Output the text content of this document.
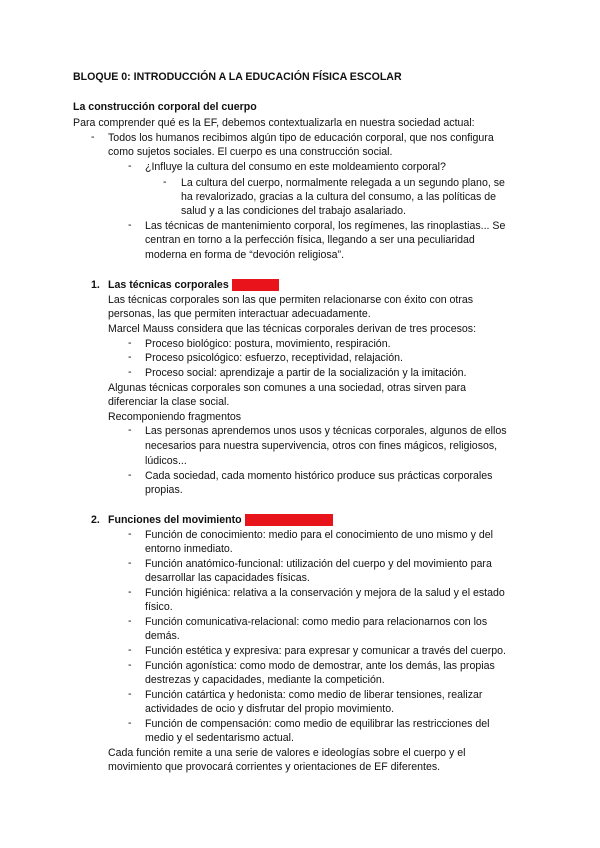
BLOQUE 0: INTRODUCCIÓN A LA EDUCACIÓN FÍSICA ESCOLAR
La construcción corporal del cuerpo
Para comprender qué es la EF, debemos contextualizarla en nuestra sociedad actual:
- Todos los humanos recibimos algún tipo de educación corporal, que nos configura
como sujetos sociales. El cuerpo es una construcción social.
- ¿Influye la cultura del consumo en este moldeamiento corporal?
- La cultura del cuerpo, normalmente relegada a un segundo plano, se
ha revalorizado, gracias a la cultura del consumo, a las políticas de
salud y a las condiciones del trabajo asalariado.
- Las técnicas de mantenimiento corporal, los regímenes, las rinoplastias... Se
centran en torno a la perfección física, llegando a ser una peculiaridad
moderna en forma de “devoción religiosa”.
1. Las técnicas corporales EXAMEN
Las técnicas corporales son las que permiten relacionarse con éxito con otras
personas, las que permiten interactuar adecuadamente.
Marcel Mauss considera que las técnicas corporales derivan de tres procesos:
- Proceso biológico: postura, movimiento, respiración.
- Proceso psicológico: esfuerzo, receptividad, relajación.
- Proceso social: aprendizaje a partir de la socialización y la imitación.
Algunas técnicas corporales son comunes a una sociedad, otras sirven para
diferenciar la clase social.
Recomponiendo fragmentos
- Las personas aprendemos unos usos y técnicas corporales, algunos de ellos
necesarios para nuestra supervivencia, otros con fines mágicos, religiosos,
lúdicos...
- Cada sociedad, cada momento histórico produce sus prácticas corporales
propias.
2. Funciones del movimiento EXAMEN HECHO
- Función de conocimiento: medio para el conocimiento de uno mismo y del
entorno inmediato.
- Función anatómico-funcional: utilización del cuerpo y del movimiento para
desarrollar las capacidades físicas.
- Función higiénica: relativa a la conservación y mejora de la salud y el estado
físico.
- Función comunicativa-relacional: como medio para relacionarnos con los
demás.
- Función estética y expresiva: para expresar y comunicar a través del cuerpo.
- Función agonística: como modo de demostrar, ante los demás, las propias
destrezas y capacidades, mediante la competición.
- Función catártica y hedonista: como medio de liberar tensiones, realizar
actividades de ocio y disfrutar del propio movimiento.
- Función de compensación: como medio de equilibrar las restricciones del
medio y el sedentarismo actual.
Cada función remite a una serie de valores e ideologías sobre el cuerpo y el
movimiento que provocará corrientes y orientaciones de EF diferentes.
